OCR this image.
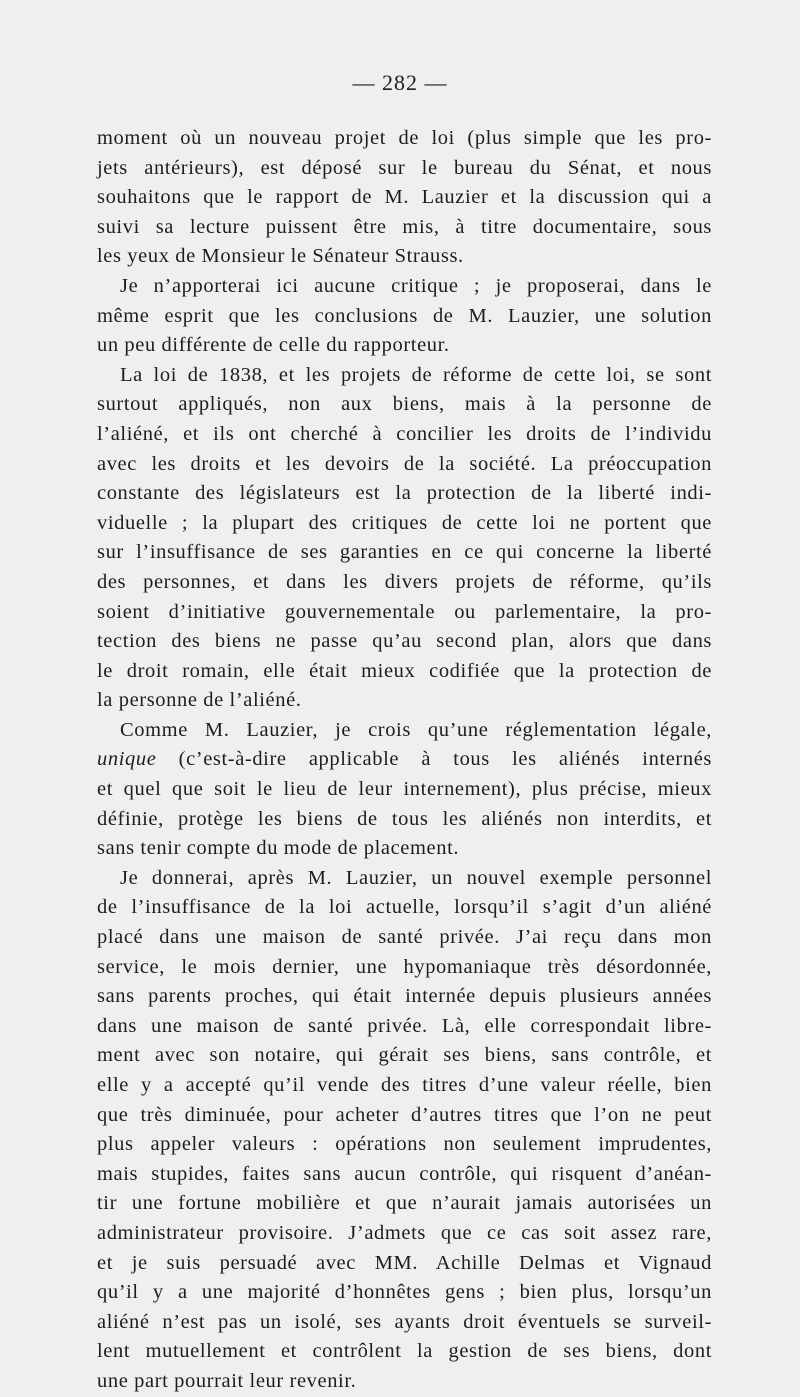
— 282 —
moment où un nouveau projet de loi (plus simple que les pro-
jets antérieurs), est déposé sur le bureau du Sénat, et nous
souhaitons que le rapport de M. Lauzier et la discussion qui a
suivi sa lecture puissent être mis, à titre documentaire, sous
les yeux de Monsieur le Sénateur Strauss.
Je n’apporterai ici aucune critique ; je proposerai, dans le
même esprit que les conclusions de M. Lauzier, une solution
un peu différente de celle du rapporteur.
La loi de 1838, et les projets de réforme de cette loi, se sont
surtout appliqués, non aux biens, mais à la personne de
l’aliéné, et ils ont cherché à concilier les droits de l’individu
avec les droits et les devoirs de la société. La préoccupation
constante des législateurs est la protection de la liberté indi-
viduelle ; la plupart des critiques de cette loi ne portent que
sur l’insuffisance de ses garanties en ce qui concerne la liberté
des personnes, et dans les divers projets de réforme, qu’ils
soient d’initiative gouvernementale ou parlementaire, la pro-
tection des biens ne passe qu’au second plan, alors que dans
le droit romain, elle était mieux codifiée que la protection de
la personne de l’aliéné.
Comme M. Lauzier, je crois qu’une réglementation légale,
unique (c’est-à-dire applicable à tous les aliénés internés
et quel que soit le lieu de leur internement), plus précise, mieux
définie, protège les biens de tous les aliénés non interdits, et
sans tenir compte du mode de placement.
Je donnerai, après M. Lauzier, un nouvel exemple personnel
de l’insuffisance de la loi actuelle, lorsqu’il s’agit d’un aliéné
placé dans une maison de santé privée. J’ai reçu dans mon
service, le mois dernier, une hypomaniaque très désordonnée,
sans parents proches, qui était internée depuis plusieurs années
dans une maison de santé privée. Là, elle correspondait libre-
ment avec son notaire, qui gérait ses biens, sans contrôle, et
elle y a accepté qu’il vende des titres d’une valeur réelle, bien
que très diminuée, pour acheter d’autres titres que l’on ne peut
plus appeler valeurs : opérations non seulement imprudentes,
mais stupides, faites sans aucun contrôle, qui risquent d’anéan-
tir une fortune mobilière et que n’aurait jamais autorisées un
administrateur provisoire. J’admets que ce cas soit assez rare,
et je suis persuadé avec MM. Achille Delmas et Vignaud
qu’il y a une majorité d’honnêtes gens ; bien plus, lorsqu’un
aliéné n’est pas un isolé, ses ayants droit éventuels se surveil-
lent mutuellement et contrôlent la gestion de ses biens, dont
une part pourrait leur revenir.
